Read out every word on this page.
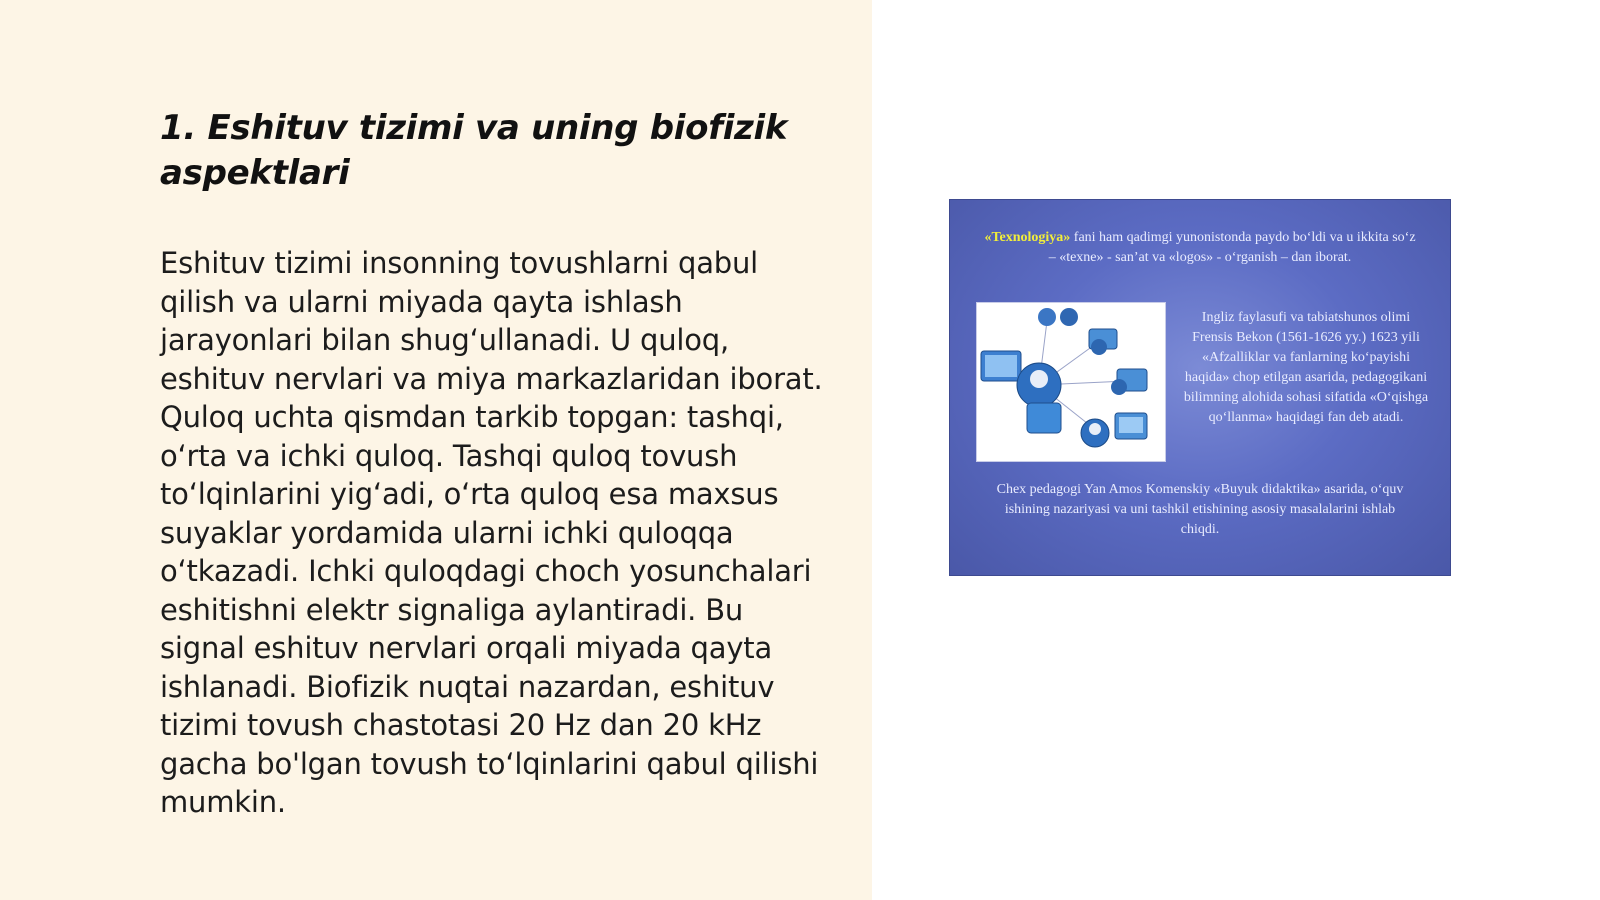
1. Eshituv tizimi va uning biofizik aspektlari

Eshituv tizimi insonning tovushlarni qabul qilish va ularni miyada qayta ishlash jarayonlari bilan shug‘ullanadi. U quloq, eshituv nervlari va miya markazlaridan iborat. Quloq uchta qismdan tarkib topgan: tashqi, o‘rta va ichki quloq. Tashqi quloq tovush to‘lqinlarini yig‘adi, o‘rta quloq esa maxsus suyaklar yordamida ularni ichki quloqqa o‘tkazadi. Ichki quloqdagi choch yosunchalari eshitishni elektr signaliga aylantiradi. Bu signal eshituv nervlari orqali miyada qayta ishlanadi. Biofizik nuqtai nazardan, eshituv tizimi tovush chastotasi 20 Hz dan 20 kHz gacha bo'lgan tovush to‘lqinlarini qabul qilishi mumkin.

«Texnologiya» fani ham qadimgi yunonistonda paydo bo‘ldi va u ikkita so‘z – «texne» - san’at va «logos» - o‘rganish – dan iborat.
Ingliz faylasufi va tabiatshunos olimi Frensis Bekon (1561-1626 yy.) 1623 yili «Afzalliklar va fanlarning ko‘payishi haqida» chop etilgan asarida, pedagogikani bilimning alohida sohasi sifatida «O‘qishga qo‘llanma» haqidagi fan deb atadi.
Chex pedagogi Yan Amos Komenskiy «Buyuk didaktika» asarida, o‘quv ishining nazariyasi va uni tashkil etishining asosiy masalalarini ishlab chiqdi.
